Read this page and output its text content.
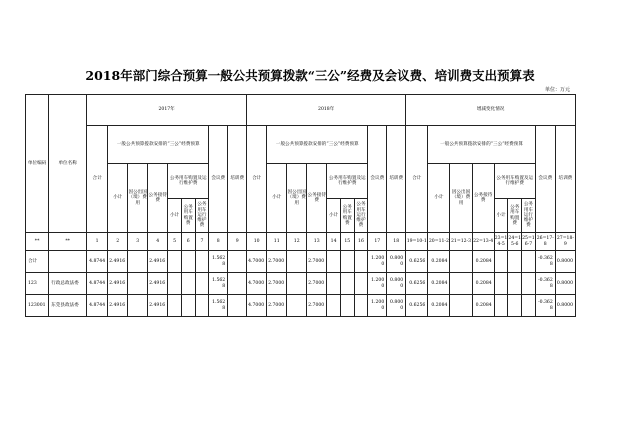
2018年部门综合预算一般公共预算拨款“三公”经费及会议费、培训费支出预算表
单位：万元
单位编码	单位名称	2017年									2018年									增减变化情况								
		合计	一般公共预算拨款安排的“三公”经费预算						会议费	培训费	合计	一般公共预算拨款安排的“三公”经费预算						会议费	培训费	合计	一般公共预算拨款安排的“三公”经费预算						会议费	培训费
			小计	因公出国（境）费用	公务接待费	公务用车购置及运行维护费						小计	因公出国（境）费用	公务接待费	公务用车购置及运行维护费						小计	因公出国（境）费用	公务接待费	公务用车购置及运行维护费				
						小计	公务用车购置费	公务用车运行维护费							小计	公务用车购置费	公务用车运行维护费							小计	公务用车购置费	公务用车运行维护费		
**	**	1	2	3	4	5	6	7	8	9	10	11	12	13	14	15	16	17	18	19=10-1	20=11-2	21=12-3	22=13-4	23=14-5	24=15-6	25=16-7	26=17-8	27=18-9
合计		4.8744	2.4916		2.4916				1.5628		4.7000	2.7000		2.7000				1.2000	0.8000	0.6256	0.2084		0.2084				-0.3628	0.8000
123	行政总政法委	4.8744	2.4916		2.4916				1.5628		4.7000	2.7000		2.7000				1.2000	0.8000	0.6256	0.2084		0.2084				-0.3628	0.8000
123001	东莞县政法委	4.8744	2.4916		2.4916				1.5628		4.7000	2.7000		2.7000				1.2000	0.8000	0.6256	0.2084		0.2084				-0.3628	0.8000
